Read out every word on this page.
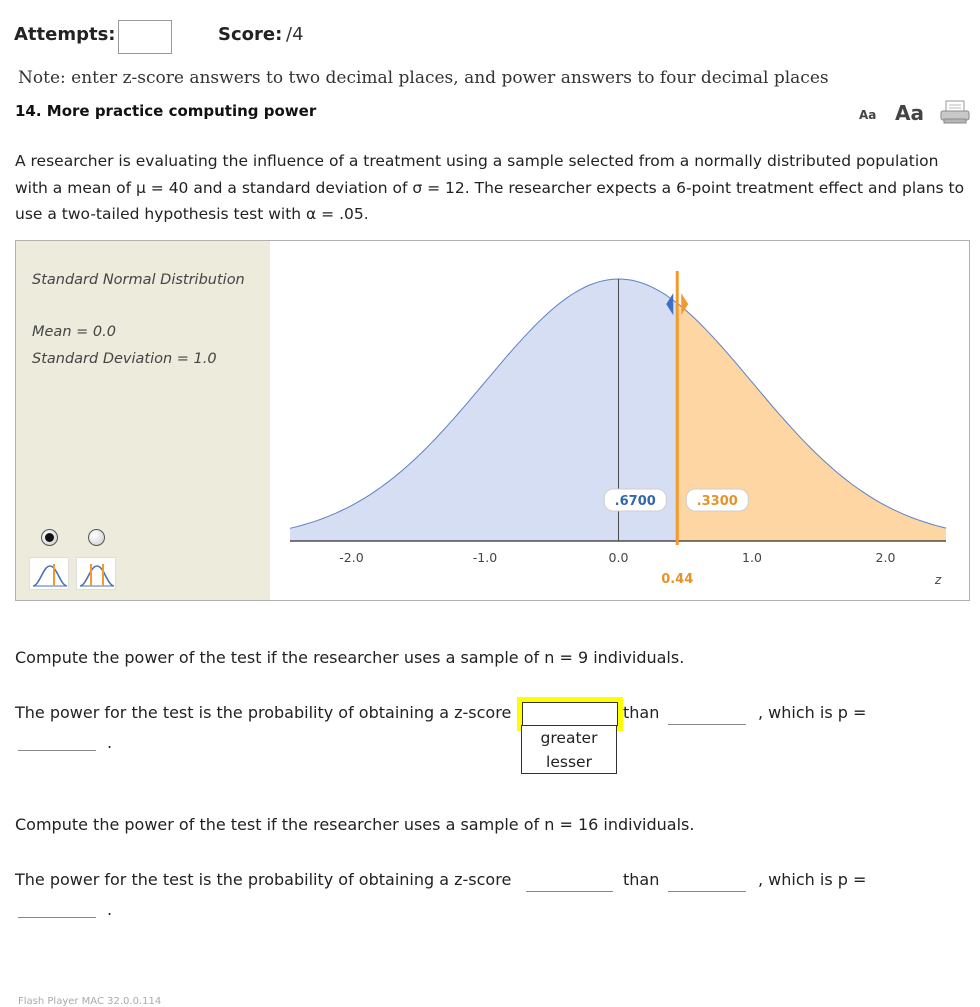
Attempts:	Score: /4
Note: enter z-score answers to two decimal places, and power answers to four decimal places
14. More practice computing power	Aa Aa
A researcher is evaluating the influence of a treatment using a sample selected from a normally distributed population with a mean of μ = 40 and a standard deviation of σ = 12. The researcher expects a 6-point treatment effect and plans to use a two-tailed hypothesis test with α = .05.
Standard Normal Distribution
Mean = 0.0
Standard Deviation = 1.0
-2.0	-1.0	0.0	1.0	2.0
.6700	.3300
0.44	z
Compute the power of the test if the researcher uses a sample of n = 9 individuals.
The power for the test is the probability of obtaining a z-score
greater
lesser
than	, which is p =
.
Compute the power of the test if the researcher uses a sample of n = 16 individuals.
The power for the test is the probability of obtaining a z-score	than	, which is p =
.
Flash Player MAC 32.0.0.114
